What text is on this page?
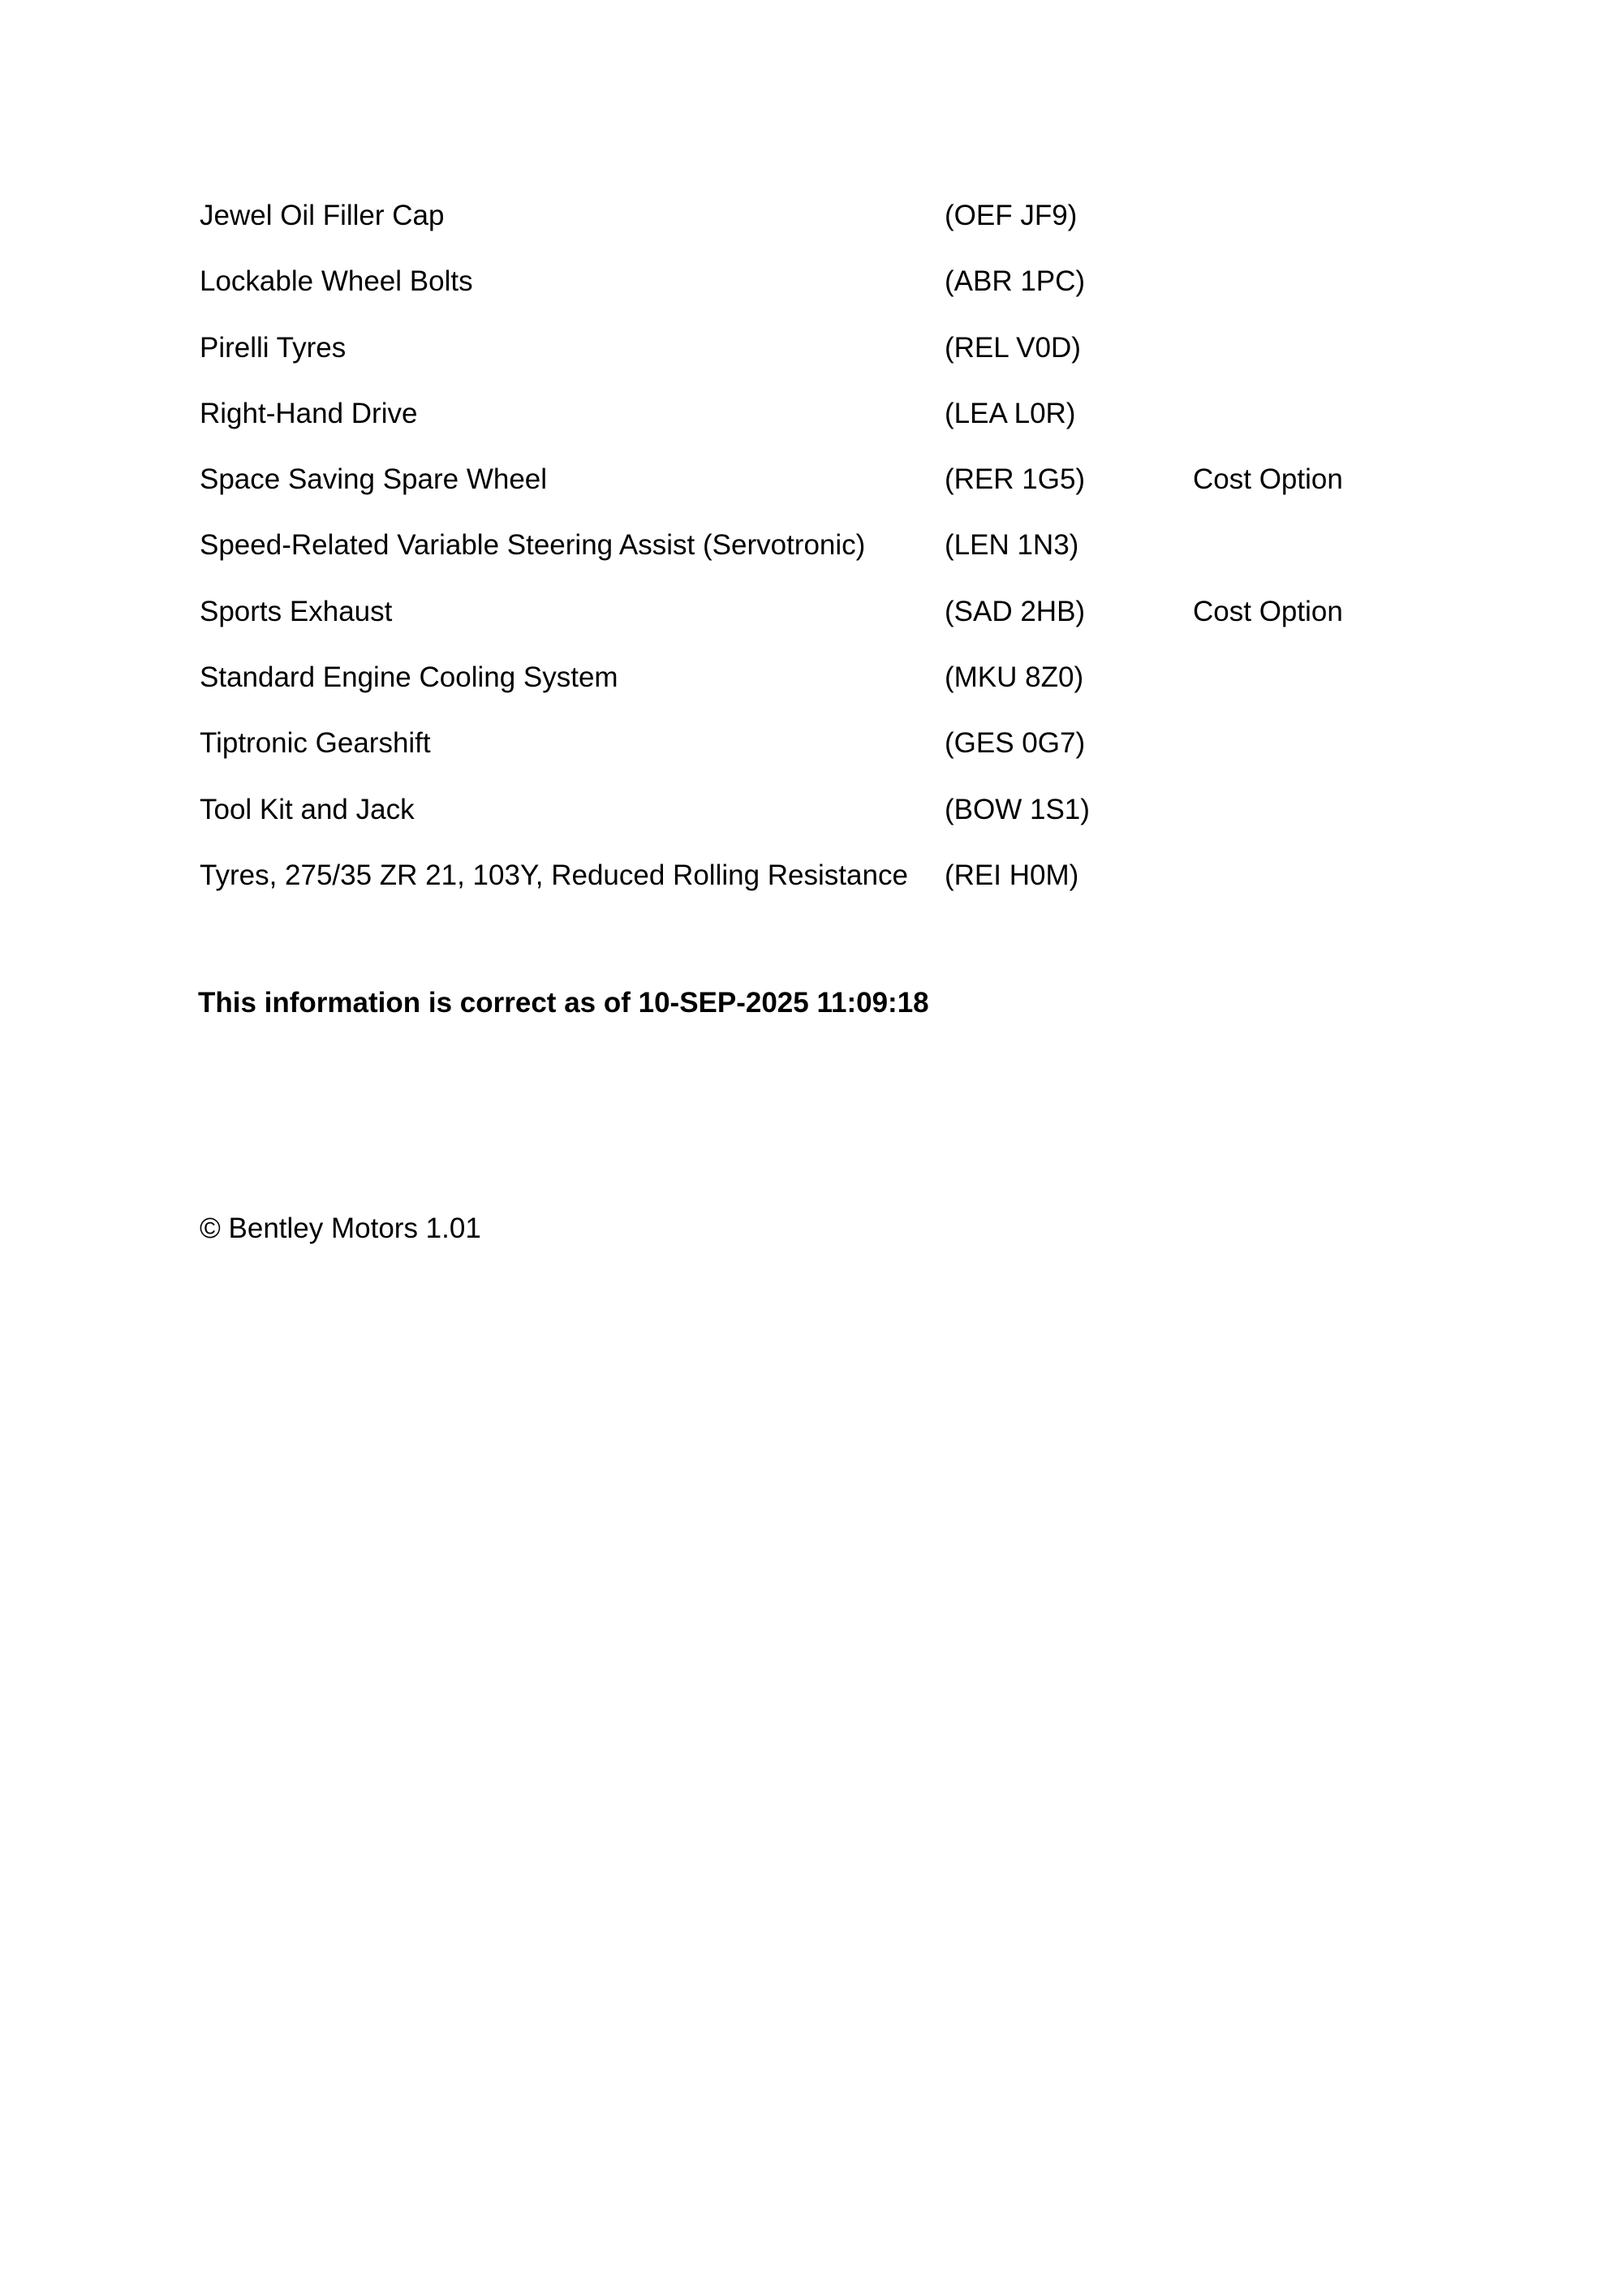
Jewel Oil Filler Cap	(OEF JF9)
Lockable Wheel Bolts	(ABR 1PC)
Pirelli Tyres	(REL V0D)
Right-Hand Drive	(LEA L0R)
Space Saving Spare Wheel	(RER 1G5)	Cost Option
Speed-Related Variable Steering Assist (Servotronic)	(LEN 1N3)
Sports Exhaust	(SAD 2HB)	Cost Option
Standard Engine Cooling System	(MKU 8Z0)
Tiptronic Gearshift	(GES 0G7)
Tool Kit and Jack	(BOW 1S1)
Tyres, 275/35 ZR 21, 103Y, Reduced Rolling Resistance (REI H0M)
This information is correct as of 10-SEP-2025 11:09:18
© Bentley Motors 1.01
